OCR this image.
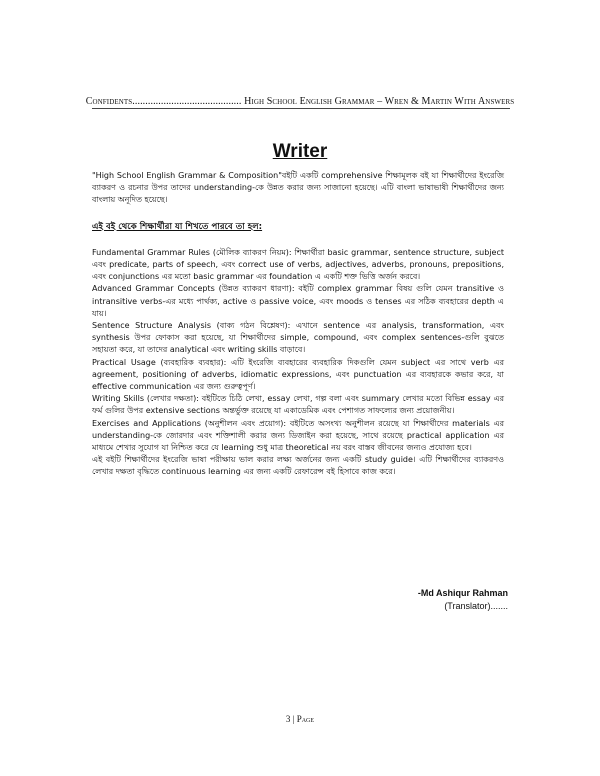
Confidents.......................................... High School English Grammar – Wren & Martin With Answers
Writer

"High School English Grammar & Composition"বইটি একটি comprehensive শিক্ষামূলক বই যা শিক্ষার্থীদের ইংরেজি ব্যাকরণ ও রচনার উপর তাদের understanding-কে উন্নত করার জন্য সাজানো হয়েছে। এটি বাংলা ভাষাভাষী শিক্ষার্থীদের জন্য বাংলায় অনূদিত হয়েছে।

এই বই থেকে শিক্ষার্থীরা যা শিখতে পারবে তা হল:

Fundamental Grammar Rules (মৌলিক ব্যাকরণ নিয়ম): শিক্ষার্থীরা basic grammar, sentence structure, subject এবং predicate, parts of speech, এবং correct use of verbs, adjectives, adverbs, pronouns, prepositions, এবং conjunctions এর মতো basic grammar এর foundation এ একটি শক্ত ভিত্তি অর্জন করবে।

Advanced Grammar Concepts (উন্নত ব্যাকরণ ধারণা): বইটি complex grammar বিষয় গুলি যেমন transitive ও intransitive verbs-এর মধ্যে পার্থক্য, active ও passive voice, এবং moods ও tenses এর সঠিক ব্যবহারের depth এ যায়।

Sentence Structure Analysis (বাক্য গঠন বিশ্লেষণ): এখানে sentence এর analysis, transformation, এবং synthesis উপর ফোকাস করা হয়েছে, যা শিক্ষার্থীদের simple, compound, এবং complex sentences-গুলি বুঝতে সহায়তা করে, যা তাদের analytical এবং writing skills বাড়াবে।

Practical Usage (ব্যবহারিক ব্যবহার): এটি ইংরেজি ব্যবহারের ব্যবহারিক দিকগুলি যেমন subject এর সাথে verb এর agreement, positioning of adverbs, idiomatic expressions, এবং punctuation এর ব্যবহারকে কভার করে, যা effective communication এর জন্য গুরুত্বপূর্ণ।

Writing Skills (লেখার দক্ষতা): বইটিতে চিঠি লেখা, essay লেখা, গল্প বলা এবং summary লেখার মতো বিভিন্ন essay এর ফর্ম গুলির উপর extensive sections অন্তর্ভুক্ত রয়েছে যা একাডেমিক এবং পেশাগত সাফল্যের জন্য প্রয়োজনীয়।

Exercises and Applications (অনুশীলন এবং প্রয়োগ): বইটিতে অসংখ্য অনুশীলন রয়েছে যা শিক্ষার্থীদের materials এর understanding-কে জোরদার এবং শক্তিশালী করার জন্য ডিজাইন করা হয়েছে, সাথে রয়েছে practical application এর মাধ্যমে শেখার সুযোগ যা নিশ্চিত করে যে learning শুধু মাত্র theoretical নয় বরং বাস্তব জীবনের জন্যও প্রযোজ্য হবে।

এই বইটি শিক্ষার্থীদের ইংরেজি ভাষা পরীক্ষায় ভাল করার লক্ষ্য অর্জনের জন্য একটি study guide। এটি শিক্ষার্থীদের ব্যাকরণও লেখার দক্ষতা বৃদ্ধিতে continuous learning এর জন্য একটি রেফারেন্স বই হিসাবে কাজ করে।

-Md Ashiqur Rahman
(Translator).......
3 | Page
